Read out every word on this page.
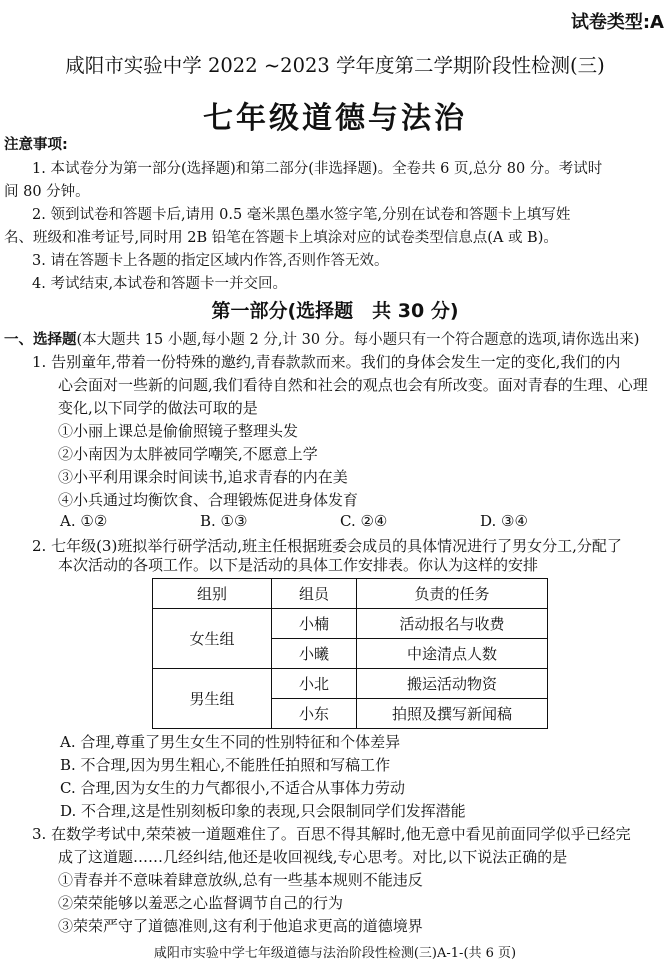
试卷类型:A
咸阳市实验中学 2022 ~2023 学年度第二学期阶段性检测(三)
七年级道德与法治
注意事项:
1. 本试卷分为第一部分(选择题)和第二部分(非选择题)。全卷共 6 页,总分 80 分。考试时
间 80 分钟。
2. 领到试卷和答题卡后,请用 0.5 毫米黑色墨水签字笔,分别在试卷和答题卡上填写姓
名、班级和准考证号,同时用 2B 铅笔在答题卡上填涂对应的试卷类型信息点(A 或 B)。
3. 请在答题卡上各题的指定区域内作答,否则作答无效。
4. 考试结束,本试卷和答题卡一并交回。
第一部分(选择题　共 30 分)
一、选择题(本大题共 15 小题,每小题 2 分,计 30 分。每小题只有一个符合题意的选项,请你选出来)
1. 告别童年,带着一份特殊的邀约,青春款款而来。我们的身体会发生一定的变化,我们的内
心会面对一些新的问题,我们看待自然和社会的观点也会有所改变。面对青春的生理、心理
变化,以下同学的做法可取的是
①小丽上课总是偷偷照镜子整理头发
②小南因为太胖被同学嘲笑,不愿意上学
③小平利用课余时间读书,追求青春的内在美
④小兵通过均衡饮食、合理锻炼促进身体发育
A. ①②	B. ①③	C. ②④	D. ③④
2. 七年级(3)班拟举行研学活动,班主任根据班委会成员的具体情况进行了男女分工,分配了
本次活动的各项工作。以下是活动的具体工作安排表。你认为这样的安排
组别	组员	负责的任务
女生组	小楠	活动报名与收费
	小曦	中途清点人数
男生组	小北	搬运活动物资
	小东	拍照及撰写新闻稿
A. 合理,尊重了男生女生不同的性别特征和个体差异
B. 不合理,因为男生粗心,不能胜任拍照和写稿工作
C. 合理,因为女生的力气都很小,不适合从事体力劳动
D. 不合理,这是性别刻板印象的表现,只会限制同学们发挥潜能
3. 在数学考试中,荣荣被一道题难住了。百思不得其解时,他无意中看见前面同学似乎已经完
成了这道题……几经纠结,他还是收回视线,专心思考。对比,以下说法正确的是
①青春并不意味着肆意放纵,总有一些基本规则不能违反
②荣荣能够以羞恶之心监督调节自己的行为
③荣荣严守了道德准则,这有利于他追求更高的道德境界
咸阳市实验中学七年级道德与法治阶段性检测(三)A-1-(共 6 页)
